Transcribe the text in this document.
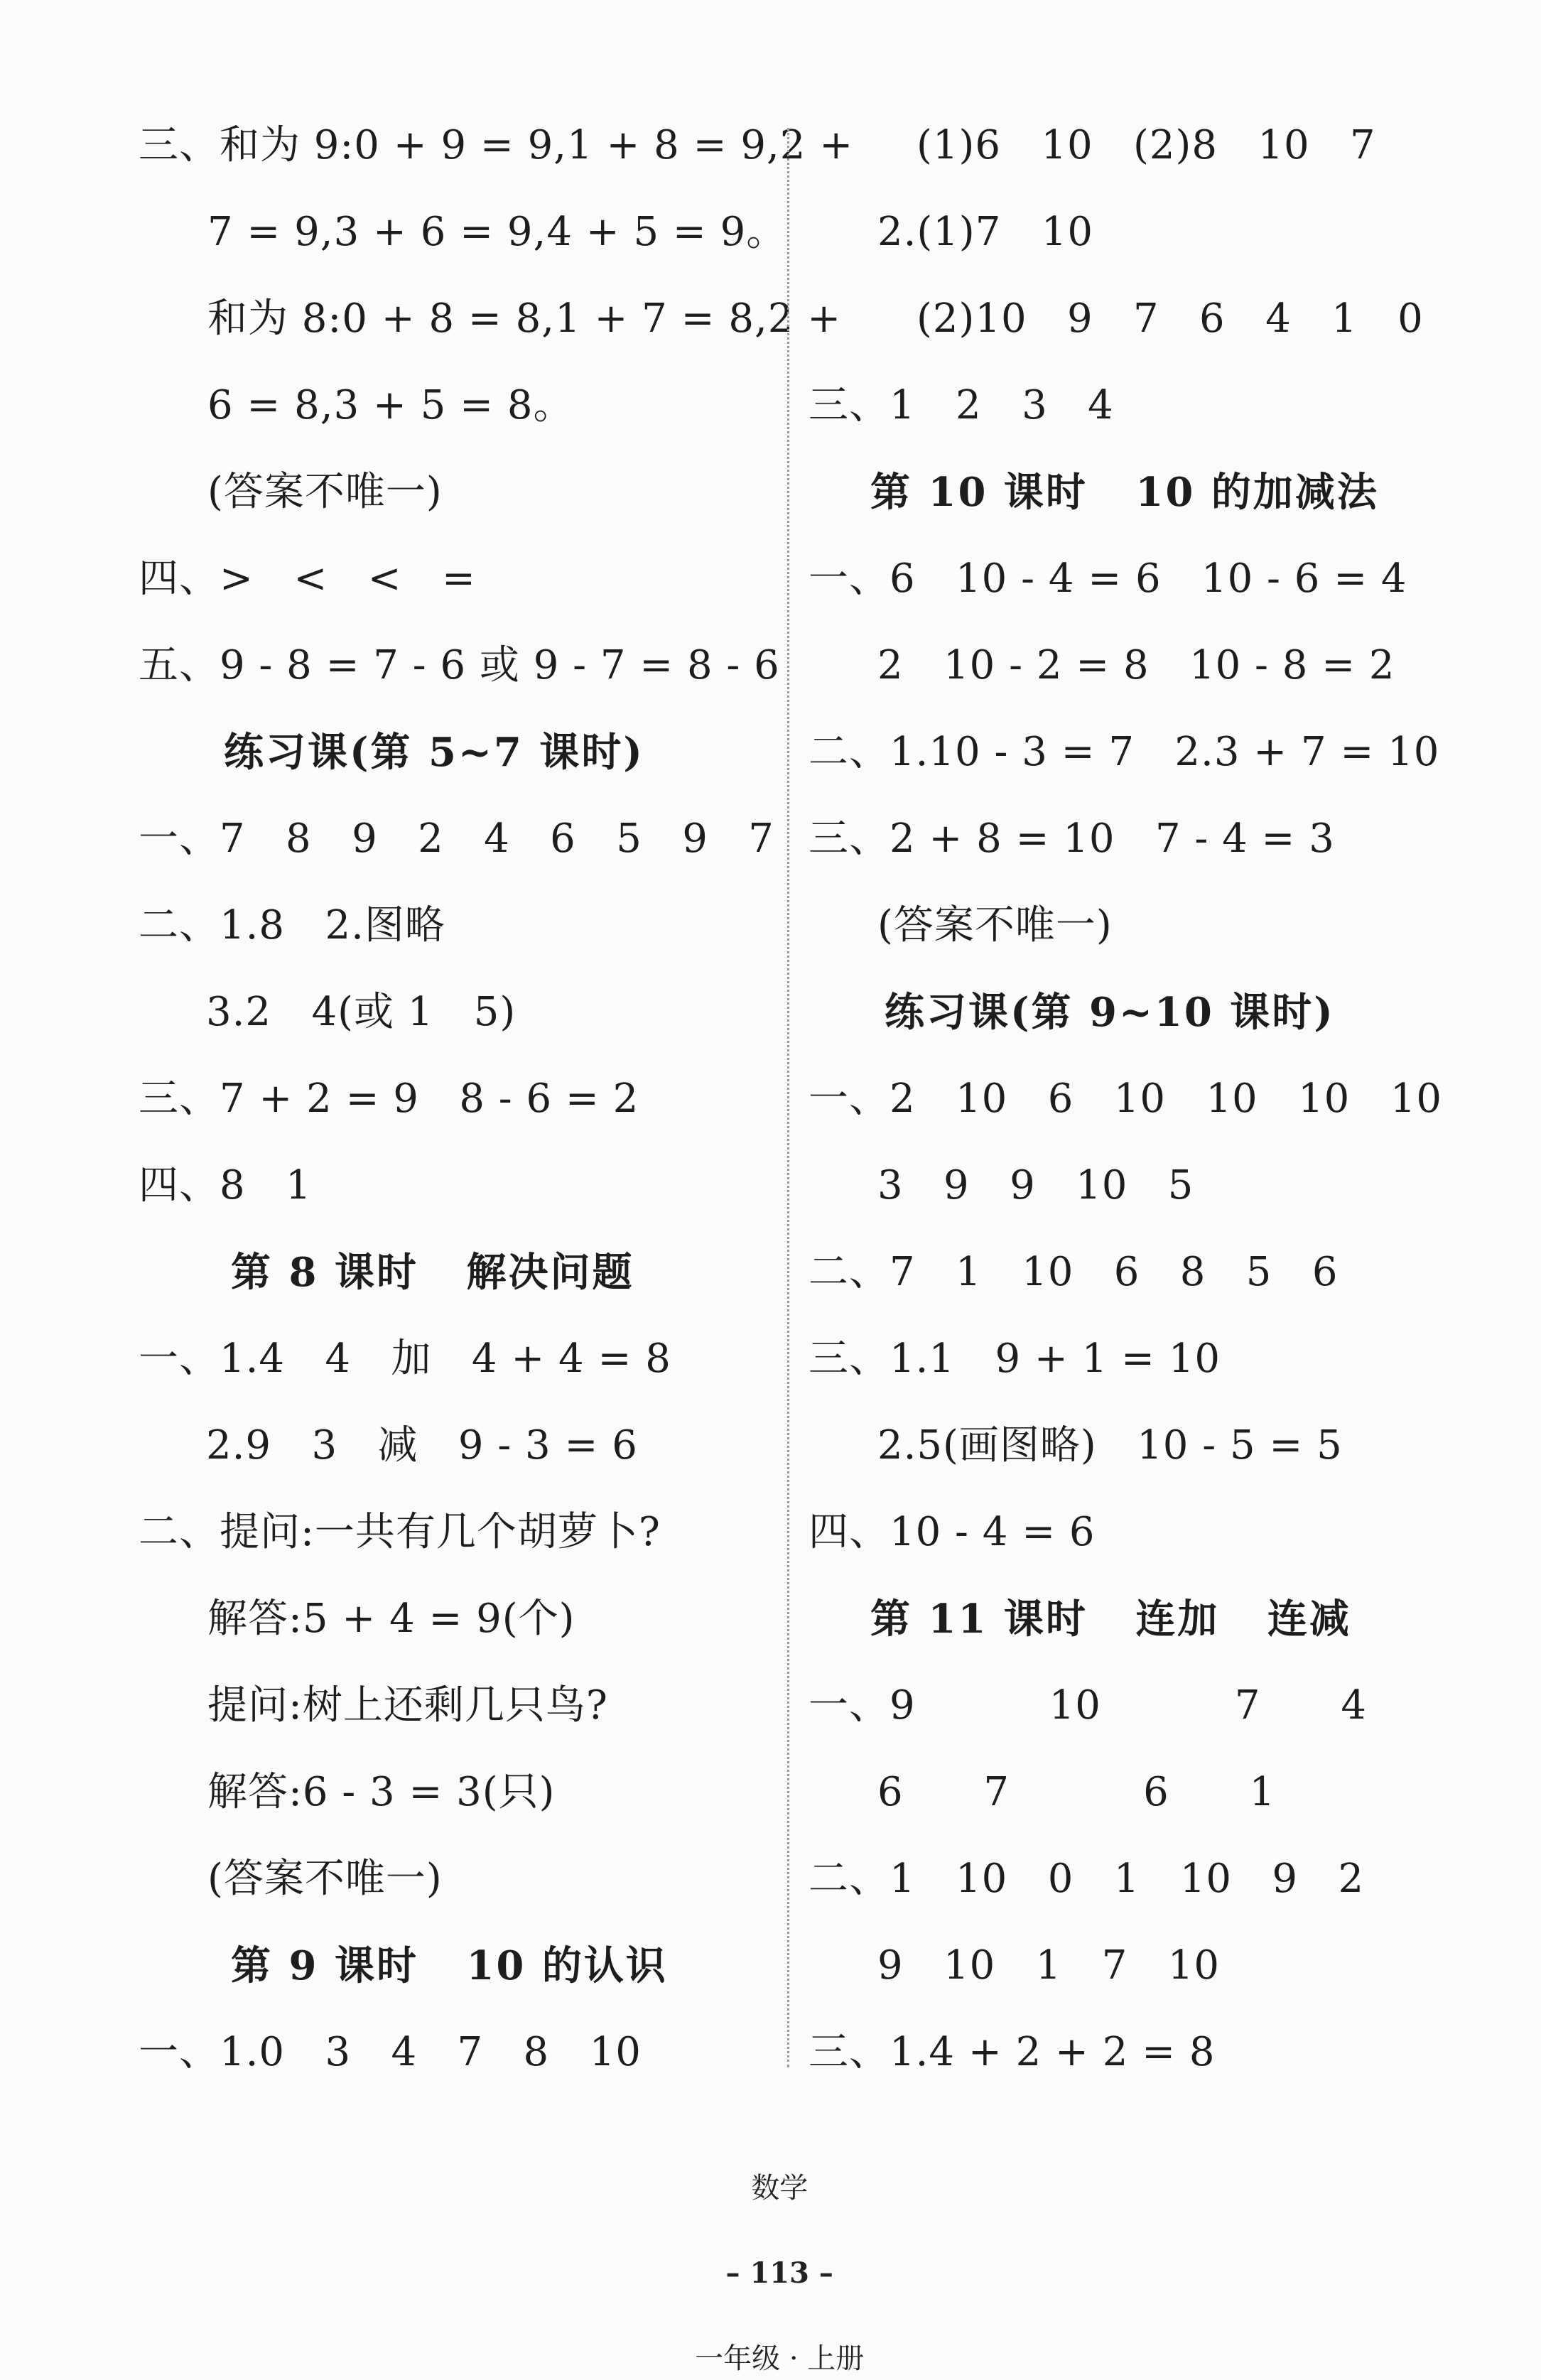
三、和为 9:0 + 9 = 9,1 + 8 = 9,2 +
7 = 9,3 + 6 = 9,4 + 5 = 9。
和为 8:0 + 8 = 8,1 + 7 = 8,2 +
6 = 8,3 + 5 = 8。
(答案不唯一)
四、>   <   <   =
五、9 - 8 = 7 - 6 或 9 - 7 = 8 - 6
练习课(第 5~7 课时)
一、7   8   9   2   4   6   5   9   7
二、1.8   2.图略
3.2   4(或 1   5)
三、7 + 2 = 9   8 - 6 = 2
四、8   1
第 8 课时   解决问题
一、1.4   4   加   4 + 4 = 8
2.9   3   减   9 - 3 = 6
二、提问:一共有几个胡萝卜?
解答:5 + 4 = 9(个)
提问:树上还剩几只鸟?
解答:6 - 3 = 3(只)
(答案不唯一)
第 9 课时   10 的认识
一、1.0   3   4   7   8   10
(1)6   10   (2)8   10   7
2.(1)7   10
(2)10   9   7   6   4   1   0
三、1   2   3   4
第 10 课时   10 的加减法
一、6   10 - 4 = 6   10 - 6 = 4
2   10 - 2 = 8   10 - 8 = 2
二、1.10 - 3 = 7   2.3 + 7 = 10
三、2 + 8 = 10   7 - 4 = 3
(答案不唯一)
练习课(第 9~10 课时)
一、2   10   6   10   10   10   10
3   9   9   10   5
二、7   1   10   6   8   5   6
三、1.1   9 + 1 = 10
2.5(画图略)   10 - 5 = 5
四、10 - 4 = 6
第 11 课时   连加   连减
一、9          10          7      4
6      7          6      1
二、1   10   0   1   10   9   2
9   10   1   7   10
三、1.4 + 2 + 2 = 8

数学

– 113 –

一年级 · 上册
